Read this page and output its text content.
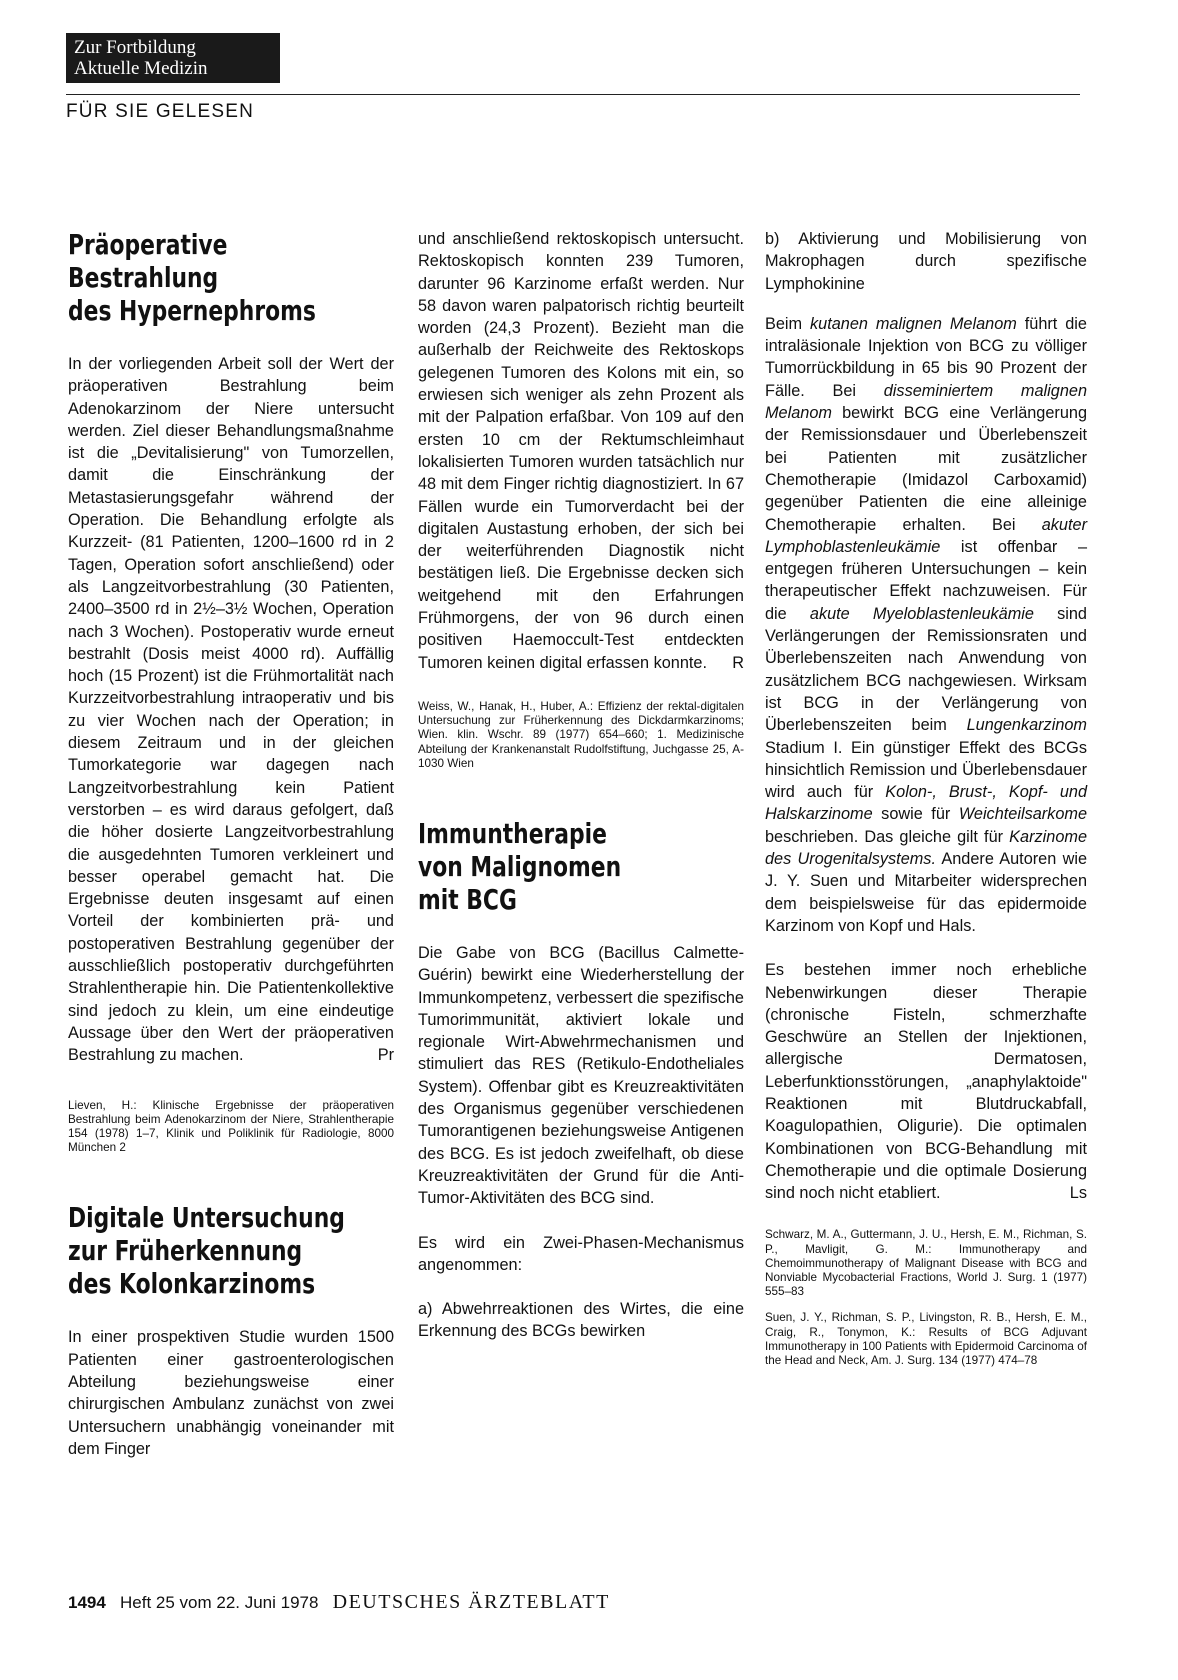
Zur Fortbildung
Aktuelle Medizin
FÜR SIE GELESEN
Präoperative
Bestrahlung
des Hypernephroms

In der vorliegenden Arbeit soll der Wert der präoperativen Bestrahlung beim Adenokarzinom der Niere untersucht werden. Ziel dieser Behandlungsmaßnahme ist die „Devitalisierung" von Tumorzellen, damit die Einschränkung der Metastasierungsgefahr während der Operation. Die Behandlung erfolgte als Kurzzeit- (81 Patienten, 1200–1600 rd in 2 Tagen, Operation sofort anschließend) oder als Langzeitvorbestrahlung (30 Patienten, 2400–3500 rd in 2½–3½ Wochen, Operation nach 3 Wochen). Postoperativ wurde erneut bestrahlt (Dosis meist 4000 rd). Auffällig hoch (15 Prozent) ist die Frühmortalität nach Kurzzeitvorbestrahlung intraoperativ und bis zu vier Wochen nach der Operation; in diesem Zeitraum und in der gleichen Tumorkategorie war dagegen nach Langzeitvorbestrahlung kein Patient verstorben – es wird daraus gefolgert, daß die höher dosierte Langzeitvorbestrahlung die ausgedehnten Tumoren verkleinert und besser operabel gemacht hat. Die Ergebnisse deuten insgesamt auf einen Vorteil der kombinierten prä- und postoperativen Bestrahlung gegenüber der ausschließlich postoperativ durchgeführten Strahlentherapie hin. Die Patientenkollektive sind jedoch zu klein, um eine eindeutige Aussage über den Wert der präoperativen Bestrahlung zu machen.	Pr

Lieven, H.: Klinische Ergebnisse der präoperativen Bestrahlung beim Adenokarzinom der Niere, Strahlentherapie 154 (1978) 1–7, Klinik und Poliklinik für Radiologie, 8000 München 2

Digitale Untersuchung
zur Früherkennung
des Kolonkarzinoms

In einer prospektiven Studie wurden 1500 Patienten einer gastroenterologischen Abteilung beziehungsweise einer chirurgischen Ambulanz zunächst von zwei Untersuchern unabhängig voneinander mit dem Finger

und anschließend rektoskopisch untersucht. Rektoskopisch konnten 239 Tumoren, darunter 96 Karzinome erfaßt werden. Nur 58 davon waren palpatorisch richtig beurteilt worden (24,3 Prozent). Bezieht man die außerhalb der Reichweite des Rektoskops gelegenen Tumoren des Kolons mit ein, so erwiesen sich weniger als zehn Prozent als mit der Palpation erfaßbar. Von 109 auf den ersten 10 cm der Rektumschleimhaut lokalisierten Tumoren wurden tatsächlich nur 48 mit dem Finger richtig diagnostiziert. In 67 Fällen wurde ein Tumorverdacht bei der digitalen Austastung erhoben, der sich bei der weiterführenden Diagnostik nicht bestätigen ließ. Die Ergebnisse decken sich weitgehend mit den Erfahrungen Frühmorgens, der von 96 durch einen positiven Haemoccult-Test entdeckten Tumoren keinen digital erfassen konnte. R

Weiss, W., Hanak, H., Huber, A.: Effizienz der rektal-digitalen Untersuchung zur Früherkennung des Dickdarmkarzinoms; Wien. klin. Wschr. 89 (1977) 654–660; 1. Medizinische Abteilung der Krankenanstalt Rudolfstiftung, Juchgasse 25, A-1030 Wien

Immuntherapie
von Malignomen
mit BCG

Die Gabe von BCG (Bacillus Calmette-Guérin) bewirkt eine Wiederherstellung der Immunkompetenz, verbessert die spezifische Tumorimmunität, aktiviert lokale und regionale Wirt-Abwehrmechanismen und stimuliert das RES (Retikulo-Endotheliales System). Offenbar gibt es Kreuzreaktivitäten des Organismus gegenüber verschiedenen Tumorantigenen beziehungsweise Antigenen des BCG. Es ist jedoch zweifelhaft, ob diese Kreuzreaktivitäten der Grund für die Anti-Tumor-Aktivitäten des BCG sind.

Es wird ein Zwei-Phasen-Mechanismus angenommen:

a) Abwehrreaktionen des Wirtes, die eine Erkennung des BCGs bewirken

b) Aktivierung und Mobilisierung von Makrophagen durch spezifische Lymphokinine

Beim kutanen malignen Melanom führt die intraläsionale Injektion von BCG zu völliger Tumorrückbildung in 65 bis 90 Prozent der Fälle. Bei disseminiertem malignen Melanom bewirkt BCG eine Verlängerung der Remissionsdauer und Überlebenszeit bei Patienten mit zusätzlicher Chemotherapie (Imidazol Carboxamid) gegenüber Patienten die eine alleinige Chemotherapie erhalten. Bei akuter Lymphoblastenleukämie ist offenbar – entgegen früheren Untersuchungen – kein therapeutischer Effekt nachzuweisen. Für die akute Myeloblastenleukämie sind Verlängerungen der Remissionsraten und Überlebenszeiten nach Anwendung von zusätzlichem BCG nachgewiesen. Wirksam ist BCG in der Verlängerung von Überlebenszeiten beim Lungenkarzinom Stadium I. Ein günstiger Effekt des BCGs hinsichtlich Remission und Überlebensdauer wird auch für Kolon-, Brust-, Kopf- und Halskarzinome sowie für Weichteilsarkome beschrieben. Das gleiche gilt für Karzinome des Urogenitalsystems. Andere Autoren wie J. Y. Suen und Mitarbeiter widersprechen dem beispielsweise für das epidermoide Karzinom von Kopf und Hals.

Es bestehen immer noch erhebliche Nebenwirkungen dieser Therapie (chronische Fisteln, schmerzhafte Geschwüre an Stellen der Injektionen, allergische Dermatosen, Leberfunktionsstörungen, „anaphylaktoide" Reaktionen mit Blutdruckabfall, Koagulopathien, Oligurie). Die optimalen Kombinationen von BCG-Behandlung mit Chemotherapie und die optimale Dosierung sind noch nicht etabliert.	Ls

Schwarz, M. A., Guttermann, J. U., Hersh, E. M., Richman, S. P., Mavligit, G. M.: Immunotherapy and Chemoimmunotherapy of Malignant Disease with BCG and Nonviable Mycobacterial Fractions, World J. Surg. 1 (1977) 555–83

Suen, J. Y., Richman, S. P., Livingston, R. B., Hersh, E. M., Craig, R., Tonymon, K.: Results of BCG Adjuvant Immunotherapy in 100 Patients with Epidermoid Carcinoma of the Head and Neck, Am. J. Surg. 134 (1977) 474–78

1494 Heft 25 vom 22. Juni 1978 DEUTSCHES ÄRZTEBLATT
